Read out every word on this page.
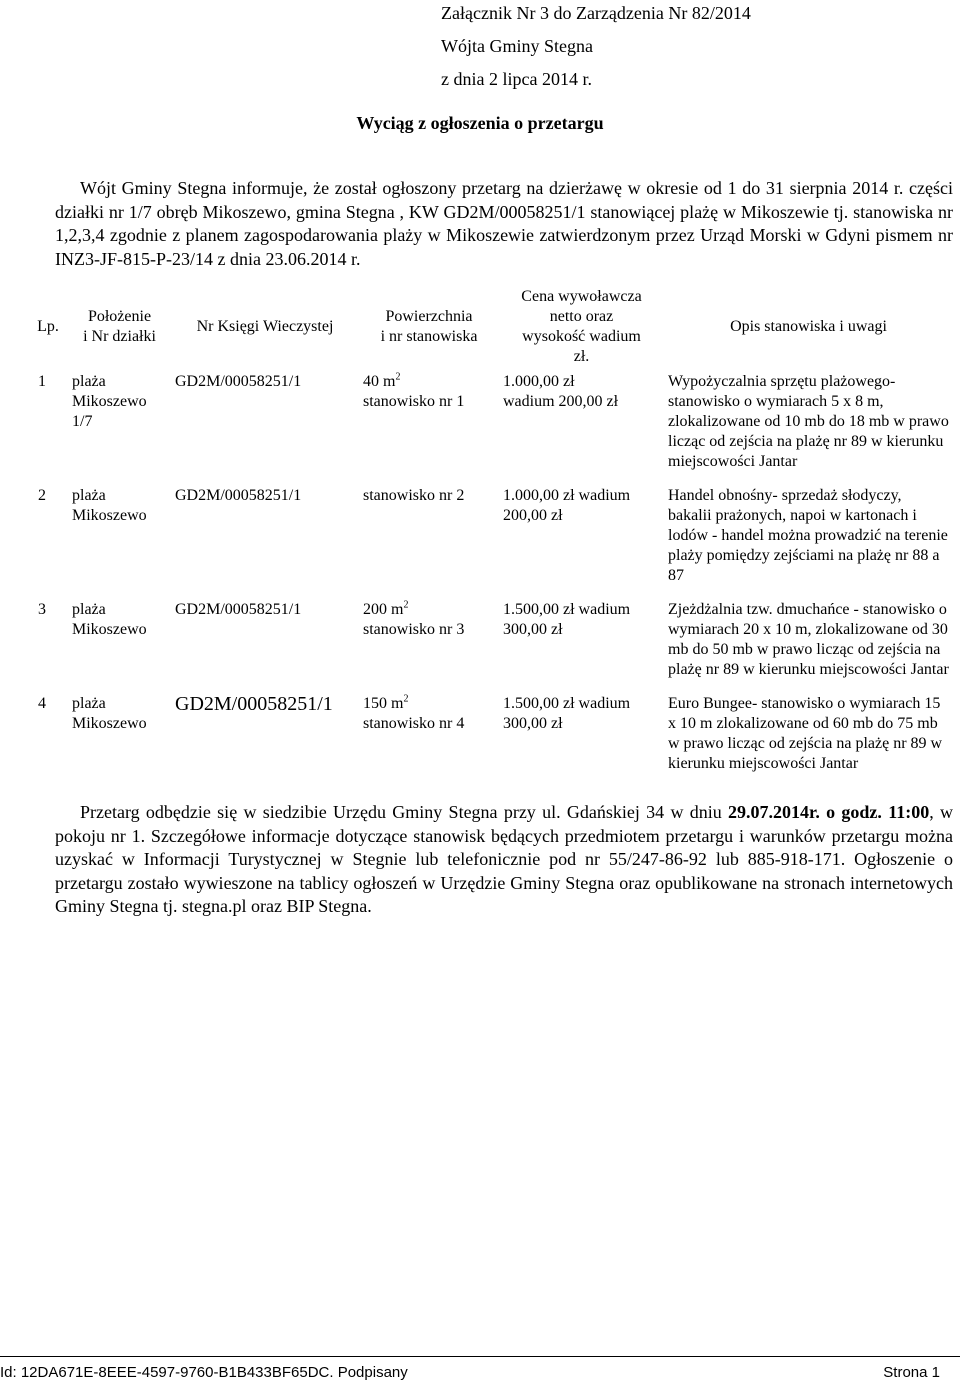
Załącznik Nr 3 do Zarządzenia Nr 82/2014
Wójta Gminy Stegna
z dnia 2 lipca 2014 r.
Wyciąg z ogłoszenia o przetargu

Wójt Gminy Stegna informuje, że został ogłoszony przetarg na dzierżawę w okresie od 1 do 31 sierpnia 2014 r. części działki nr 1/7 obręb Mikoszewo, gmina Stegna , KW GD2M/00058251/1 stanowiącej plażę w Mikoszewie tj. stanowiska nr 1,2,3,4 zgodnie z planem zagospodarowania plaży w Mikoszewie zatwierdzonym przez Urząd Morski w Gdyni pismem nr INZ3-JF-815-P-23/14 z dnia 23.06.2014 r.

Lp.	Położenie
i Nr działki	Nr Księgi Wieczystej	Powierzchnia
i nr stanowiska	Cena wywoławcza
netto oraz
wysokość wadium
zł.	Opis stanowiska i uwagi
1	plaża
Mikoszewo
1/7	GD2M/00058251/1	40 $m^2$
stanowisko nr 1	1.000,00 zł
wadium 200,00 zł	Wypożyczalnia sprzętu plażowego-stanowisko o wymiarach 5 x 8 m, zlokalizowane od 10 mb do 18 mb w prawo licząc od zejścia na plażę nr 89 w kierunku miejscowości Jantar
2	plaża
Mikoszewo	GD2M/00058251/1	stanowisko nr 2	1.000,00 zł wadium
200,00 zł	Handel obnośny- sprzedaż słodyczy, bakalii prażonych, napoi w kartonach i lodów - handel można prowadzić na terenie plaży pomiędzy zejściami na plażę nr 88 a 87
3	plaża
Mikoszewo	GD2M/00058251/1	200 $m^2$
stanowisko nr 3	1.500,00 zł wadium
300,00 zł	Zjeżdżalnia tzw. dmuchańce - stanowisko o wymiarach 20 x 10 m, zlokalizowane od 30 mb do 50 mb w prawo licząc od zejścia na plażę nr 89 w kierunku miejscowości Jantar
4	plaża
Mikoszewo	GD2M/00058251/1	150 $m^2$
stanowisko nr 4	1.500,00 zł wadium
300,00 zł	Euro Bungee- stanowisko o wymiarach 15 x 10 m zlokalizowane od 60 mb do 75 mb w prawo licząc od zejścia na plażę nr 89 w kierunku miejscowości Jantar

Przetarg odbędzie się w siedzibie Urzędu Gminy Stegna przy ul. Gdańskiej 34 w dniu 29.07.2014r. o godz. 11:00, w pokoju nr 1. Szczegółowe informacje dotyczące stanowisk będących przedmiotem przetargu i warunków przetargu można uzyskać w Informacji Turystycznej w Stegnie lub telefonicznie pod nr 55/247-86-92 lub 885-918-171. Ogłoszenie o przetargu zostało wywieszone na tablicy ogłoszeń w Urzędzie Gminy Stegna oraz opublikowane na stronach internetowych Gminy Stegna tj. stegna.pl oraz BIP Stegna.

Id: 12DA671E-8EEE-4597-9760-B1B433BF65DC. Podpisany	Strona 1
